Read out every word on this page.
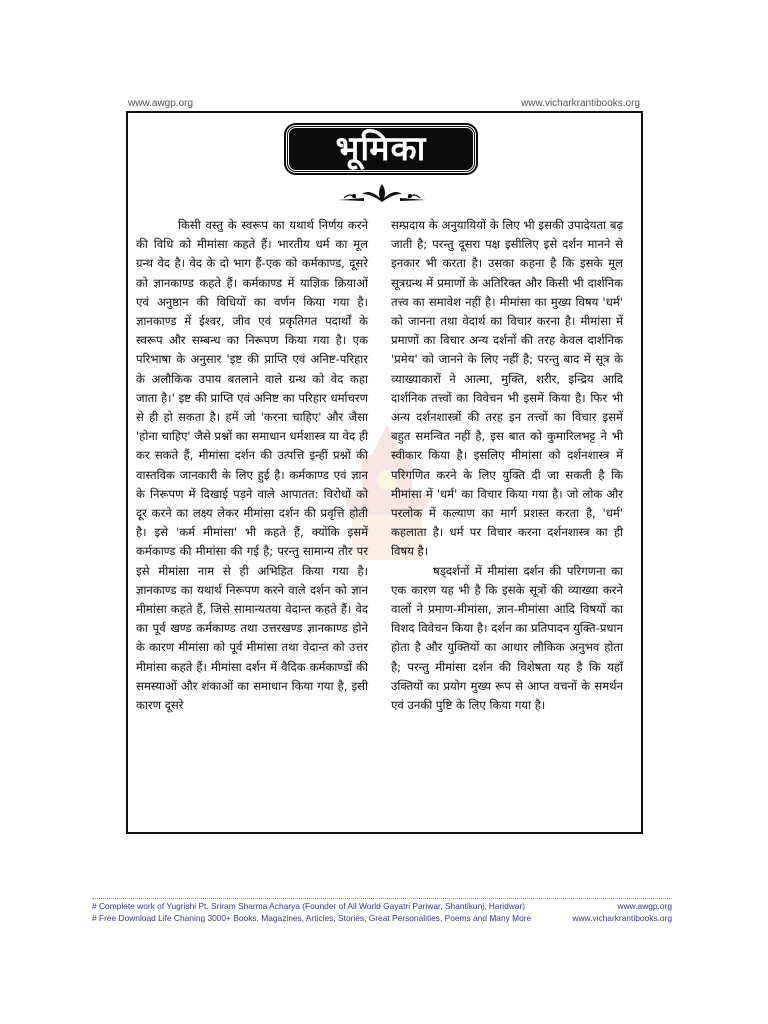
www.awgp.org	www.vicharkrantibooks.org
भूमिका

किसी वस्तु के स्वरूप का यथार्थ निर्णय करने की विधि को मीमांसा कहते हैं। भारतीय धर्म का मूल ग्रन्थ वेद है। वेद के दो भाग हैं-एक को कर्मकाण्ड, दूसरे को ज्ञानकाण्ड कहते हैं। कर्मकाण्ड में याज्ञिक क्रियाओं एवं अनुष्ठान की विधियों का वर्णन किया गया है। ज्ञानकाण्ड में ईश्वर, जीव एवं प्रकृतिगत पदार्थों के स्वरूप और सम्बन्ध का निरूपण किया गया है। एक परिभाषा के अनुसार 'इष्ट की प्राप्ति एवं अनिष्ट-परिहार के अलौकिक उपाय बतलाने वाले ग्रन्थ को वेद कहा जाता है।' इष्ट की प्राप्ति एवं अनिष्ट का परिहार धर्माचरण से ही हो सकता है। हमें जो 'करना चाहिए' और जैसा 'होना चाहिए' जैसे प्रश्नों का समाधान धर्मशास्त्र या वेद ही कर सकते हैं, मीमांसा दर्शन की उत्पत्ति इन्हीं प्रश्नों की वास्तविक जानकारी के लिए हुई है। कर्मकाण्ड एवं ज्ञान के निरूपण में दिखाई पड़ने वाले आपातत: विरोधों को दूर करने का लक्ष्य लेकर मीमांसा दर्शन की प्रवृत्ति होती है। इसे 'कर्म मीमांसा' भी कहते हैं, क्योंकि इसमें कर्मकाण्ड की मीमांसा की गई है; परन्तु सामान्य तौर पर इसे मीमांसा नाम से ही अभिहित किया गया है। ज्ञानकाण्ड का यथार्थ निरूपण करने वाले दर्शन को ज्ञान मीमांसा कहते हैं, जिसे सामान्यतया वेदान्त कहते हैं। वेद का पूर्व खण्ड कर्मकाण्ड तथा उत्तरखण्ड ज्ञानकाण्ड होने के कारण मीमांसा को पूर्व मीमांसा तथा वेदान्त को उत्तर मीमांसा कहते हैं। मीमांसा दर्शन में वैदिक कर्मकाण्डों की समस्याओं और शंकाओं का समाधान किया गया है, इसी कारण दूसरे

सम्प्रदाय के अनुयायियों के लिए भी इसकी उपादेयता बढ़ जाती है; परन्तु दूसरा पक्ष इसीलिए इसे दर्शन मानने से इनकार भी करता है। उसका कहना है कि इसके मूल सूत्रग्रन्थ में प्रमाणों के अतिरिक्त और किसी भी दार्शनिक तत्त्व का समावेश नहीं है। मीमांसा का मुख्य विषय 'धर्म' को जानना तथा वेदार्थ का विचार करना है। मीमांसा में प्रमाणों का विचार अन्य दर्शनों की तरह केवल दार्शनिक 'प्रमेय' को जानने के लिए नहीं है; परन्तु बाद में सूत्र के व्याख्याकारों ने आत्मा, मुक्ति, शरीर, इन्द्रिय आदि दार्शनिक तत्त्वों का विवेचन भी इसमें किया है। फिर भी अन्य दर्शनशास्त्रों की तरह इन तत्त्वों का विचार इसमें बहुत समन्वित नहीं है, इस बात को कुमारिलभट्ट ने भी स्वीकार किया है। इसलिए मीमांसा को दर्शनशास्त्र में परिगणित करने के लिए युक्ति दी जा सकती है कि मीमांसा में 'धर्म' का विचार किया गया है। जो लोक और परलोक में कल्याण का मार्ग प्रशस्त करता है, 'धर्म' कहलाता है। धर्म पर विचार करना दर्शनशास्त्र का ही विषय है।

षड्दर्शनों में मीमांसा दर्शन की परिगणना का एक कारण यह भी है कि इसके सूत्रों की व्याख्या करने वालों ने प्रमाण-मीमांसा, ज्ञान-मीमांसा आदि विषयों का विशद विवेचन किया है। दर्शन का प्रतिपादन युक्ति-प्रधान होता है और युक्तियों का आधार लौकिक अनुभव होता है; परन्तु मीमांसा दर्शन की विशेषता यह है कि यहाँ उक्तियों का प्रयोग मुख्य रूप से आप्त वचनों के समर्थन एवं उनकी पुष्टि के लिए किया गया है।

# Complete work of Yugrishi Pt. Sriram Sharma Acharya (Founder of All World Gayatri Pariwar, Shantikunj, Haridwar)	www.awgp.org
# Free Download Life Chaning 3000+ Books, Magazines, Articles, Stories, Great Personalities, Poems and Many More	www.vicharkrantibooks.org
